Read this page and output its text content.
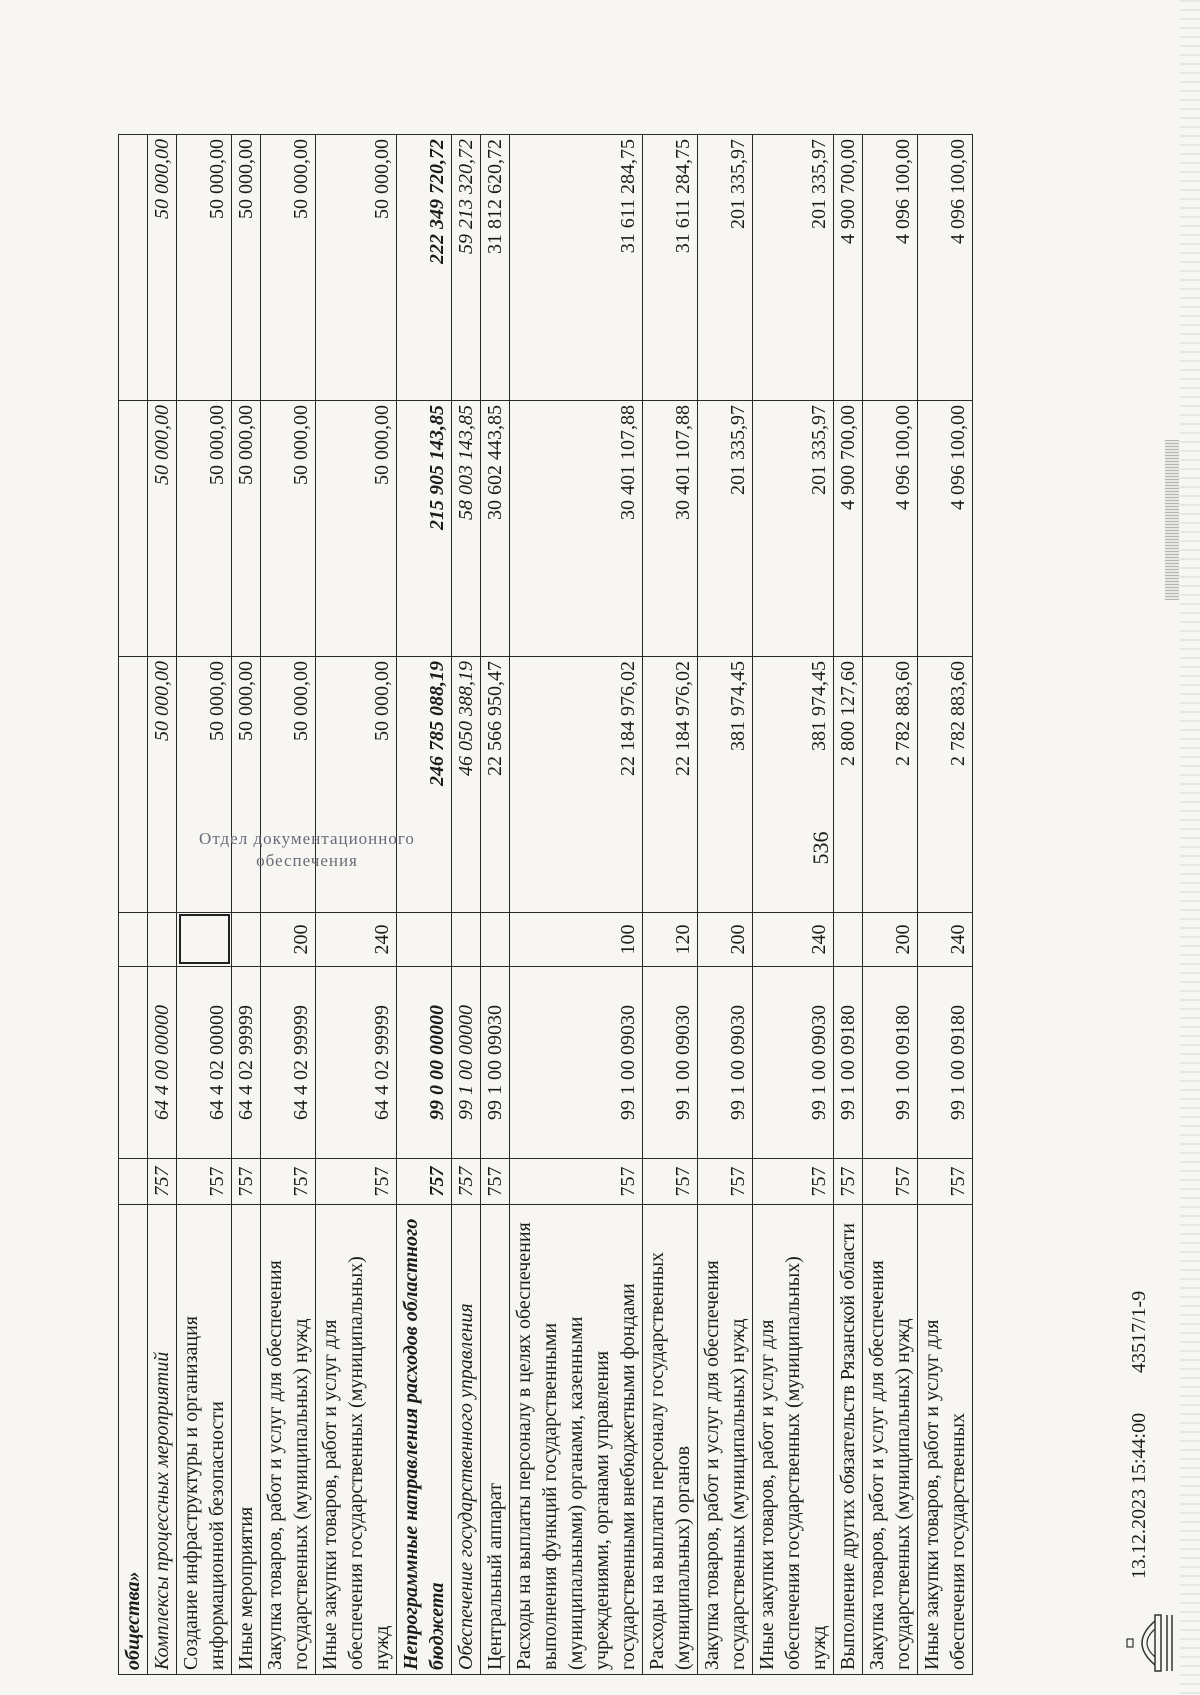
536
общества»						
Комплексы процессных мероприятий	757	64 4 00 00000		50 000,00	50 000,00	50 000,00
Создание инфраструктуры и организация информационной безопасности	757	64 4 02 00000		50 000,00	50 000,00	50 000,00
Иные мероприятия	757	64 4 02 99999		50 000,00	50 000,00	50 000,00
Закупка товаров, работ и услуг для обеспечения государственных (муниципальных) нужд	757	64 4 02 99999	200	50 000,00	50 000,00	50 000,00
Иные закупки товаров, работ и услуг для обеспечения государственных (муниципальных) нужд	757	64 4 02 99999	240	50 000,00	50 000,00	50 000,00
Непрограммные направления расходов областного бюджета	757	99 0 00 00000		246 785 088,19	215 905 143,85	222 349 720,72
Обеспечение государственного управления	757	99 1 00 00000		46 050 388,19	58 003 143,85	59 213 320,72
Центральный аппарат	757	99 1 00 09030		22 566 950,47	30 602 443,85	31 812 620,72
Расходы на выплаты персоналу в целях обеспечения выполнения функций государственными (муниципальными) органами, казенными учреждениями, органами управления государственными внебюджетными фондами	757	99 1 00 09030	100	22 184 976,02	30 401 107,88	31 611 284,75
Расходы на выплаты персоналу государственных (муниципальных) органов	757	99 1 00 09030	120	22 184 976,02	30 401 107,88	31 611 284,75
Закупка товаров, работ и услуг для обеспечения государственных (муниципальных) нужд	757	99 1 00 09030	200	381 974,45	201 335,97	201 335,97
Иные закупки товаров, работ и услуг для обеспечения государственных (муниципальных) нужд	757	99 1 00 09030	240	381 974,45	201 335,97	201 335,97
Выполнение других обязательств Рязанской области	757	99 1 00 09180		2 800 127,60	4 900 700,00	4 900 700,00
Закупка товаров, работ и услуг для обеспечения государственных (муниципальных) нужд	757	99 1 00 09180	200	2 782 883,60	4 096 100,00	4 096 100,00
Иные закупки товаров, работ и услуг для обеспечения государственных	757	99 1 00 09180	240	2 782 883,60	4 096 100,00	4 096 100,00
Отдел документационного
обеспечения
13.12.2023 15:44:00
43517/1-9
